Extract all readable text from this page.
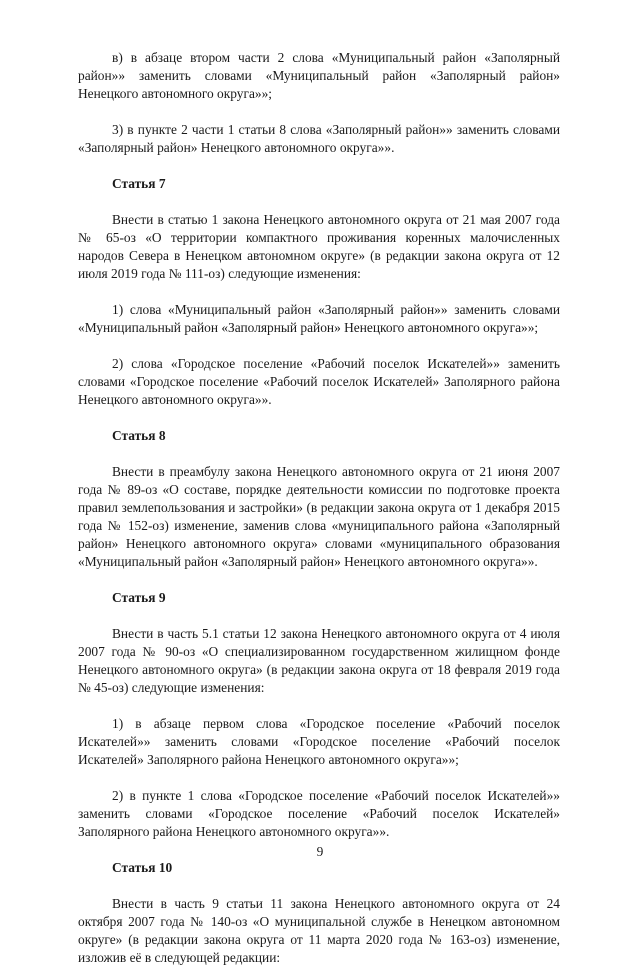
в) в абзаце втором части 2 слова «Муниципальный район «Заполярный район»» заменить словами «Муниципальный район «Заполярный район» Ненецкого автономного округа»»;

3) в пункте 2 части 1 статьи 8 слова «Заполярный район»» заменить словами «Заполярный район» Ненецкого автономного округа»».

Статья 7

Внести в статью 1 закона Ненецкого автономного округа от 21 мая 2007 года № 65-оз «О территории компактного проживания коренных малочисленных народов Севера в Ненецком автономном округе» (в редакции закона округа от 12 июля 2019 года № 111-оз) следующие изменения:

1) слова «Муниципальный район «Заполярный район»» заменить словами «Муниципальный район «Заполярный район» Ненецкого автономного округа»»;

2) слова «Городское поселение «Рабочий поселок Искателей»» заменить словами «Городское поселение «Рабочий поселок Искателей» Заполярного района Ненецкого автономного округа»».

Статья 8

Внести в преамбулу закона Ненецкого автономного округа от 21 июня 2007 года № 89-оз «О составе, порядке деятельности комиссии по подготовке проекта правил землепользования и застройки» (в редакции закона округа от 1 декабря 2015 года № 152-оз) изменение, заменив слова «муниципального района «Заполярный район» Ненецкого автономного округа» словами «муниципального образования «Муниципальный район «Заполярный район» Ненецкого автономного округа»».

Статья 9

Внести в часть 5.1 статьи 12 закона Ненецкого автономного округа от 4 июля 2007 года № 90-оз «О специализированном государственном жилищном фонде Ненецкого автономного округа» (в редакции закона округа от 18 февраля 2019 года № 45-оз) следующие изменения:

1) в абзаце первом слова «Городское поселение «Рабочий поселок Искателей»» заменить словами «Городское поселение «Рабочий поселок Искателей» Заполярного района Ненецкого автономного округа»»;

2) в пункте 1 слова «Городское поселение «Рабочий поселок Искателей»» заменить словами «Городское поселение «Рабочий поселок Искателей» Заполярного района Ненецкого автономного округа»».

Статья 10

Внести в часть 9 статьи 11 закона Ненецкого автономного округа от 24 октября 2007 года № 140-оз «О муниципальной службе в Ненецком автономном округе» (в редакции закона округа от 11 марта 2020 года № 163-оз) изменение, изложив её в следующей редакции:

9
